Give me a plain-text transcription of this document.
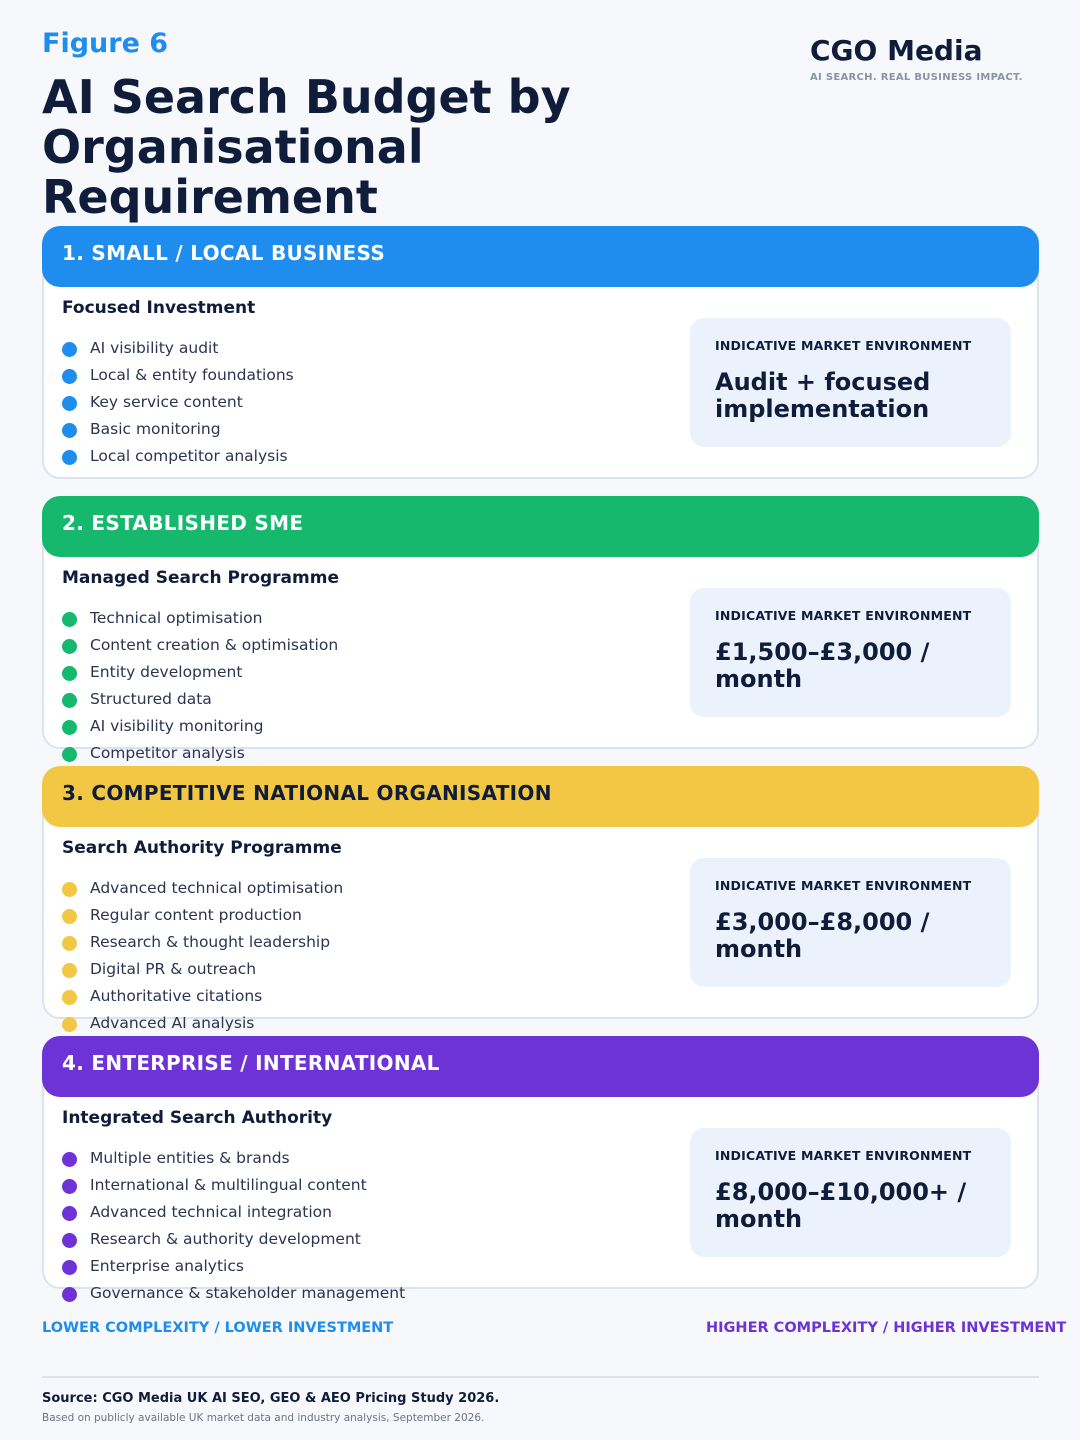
Figure 6
AI Search Budget by Organisational Requirement
CGO Media
AI SEARCH. REAL BUSINESS IMPACT.
1. SMALL / LOCAL BUSINESS
Focused Investment
AI visibility audit
Local & entity foundations
Key service content
Basic monitoring
Local competitor analysis
INDICATIVE MARKET ENVIRONMENT
Audit + focused implementation
2. ESTABLISHED SME
Managed Search Programme
Technical optimisation
Content creation & optimisation
Entity development
Structured data
AI visibility monitoring
Competitor analysis
INDICATIVE MARKET ENVIRONMENT
£1,500–£3,000 / month
3. COMPETITIVE NATIONAL ORGANISATION
Search Authority Programme
Advanced technical optimisation
Regular content production
Research & thought leadership
Digital PR & outreach
Authoritative citations
Advanced AI analysis
INDICATIVE MARKET ENVIRONMENT
£3,000–£8,000 / month
4. ENTERPRISE / INTERNATIONAL
Integrated Search Authority
Multiple entities & brands
International & multilingual content
Advanced technical integration
Research & authority development
Enterprise analytics
Governance & stakeholder management
INDICATIVE MARKET ENVIRONMENT
£8,000–£10,000+ / month
LOWER COMPLEXITY / LOWER INVESTMENT	HIGHER COMPLEXITY / HIGHER INVESTMENT
Source: CGO Media UK AI SEO, GEO & AEO Pricing Study 2026.
Based on publicly available UK market data and industry analysis, September 2026.
